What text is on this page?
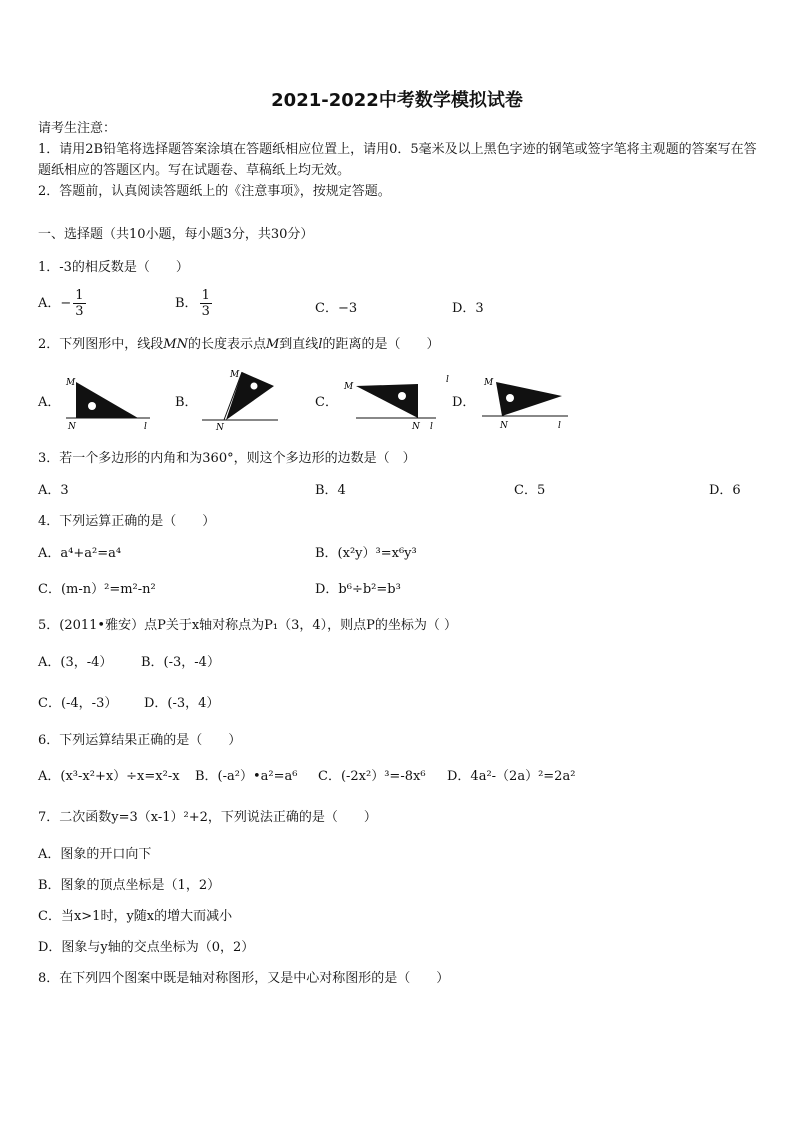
2021-2022中考数学模拟试卷
请考生注意：
1．请用2B铅笔将选择题答案涂填在答题纸相应位置上，请用0．5毫米及以上黑色字迹的钢笔或签字笔将主观题的答案写在答题纸相应的答题区内。写在试题卷、草稿纸上均无效。
2．答题前，认真阅读答题纸上的《注意事项》，按规定答题。
一、选择题（共10小题，每小题3分，共30分）
1．-3的相反数是（　　）
A．− $\frac{1}{3}$	B． $\frac{1}{3}$	C．−3	D．3
2．下列图形中，线段MN的长度表示点M到直线l的距离的是（　　）
A．
M
N	l
B．
M
N
C．
M
N l
D．
M
l
N	l
3．若一个多边形的内角和为360°，则这个多边形的边数是（　）
A．3	B．4	C．5	D．6
4．下列运算正确的是（　　）
A．a⁴+a²=a⁴	B．(x²y）³=x⁶y³
C．(m-n）²=m²-n²	D．b⁶÷b²=b³
5．(2011•雅安）点P关于x轴对称点为P₁（3，4），则点P的坐标为（ ）
A．(3，-4） B．(-3，-4）
C．(-4，-3） D．(-3，4）
6．下列运算结果正确的是（　　）
A．(x³-x²+x）÷x=x²-x B．(-a²）•a²=a⁶ C．(-2x²）³=-8x⁶ D．4a²-（2a）²=2a²
7．二次函数y=3（x-1）²+2，下列说法正确的是（　　）
A．图象的开口向下
B．图象的顶点坐标是（1，2）
C．当x>1时，y随x的增大而减小
D．图象与y轴的交点坐标为（0，2）
8．在下列四个图案中既是轴对称图形，又是中心对称图形的是（　　）
